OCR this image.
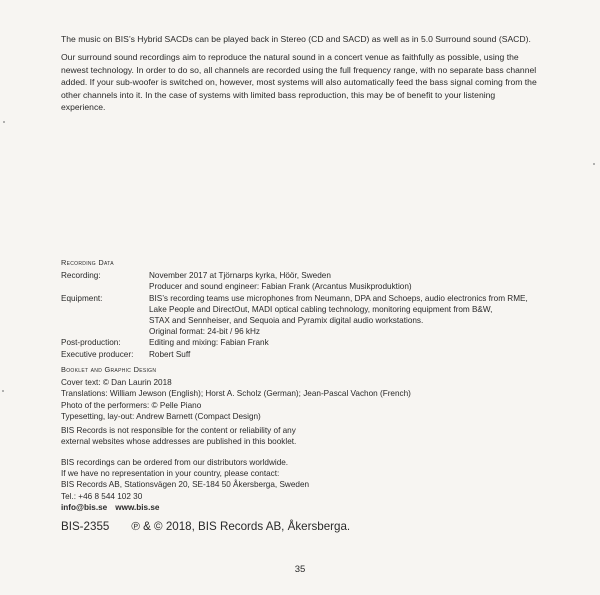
The music on BIS’s Hybrid SACDs can be played back in Stereo (CD and SACD) as well as in 5.0 Surround sound (SACD).

Our surround sound recordings aim to reproduce the natural sound in a concert venue as faithfully as possible, using the newest technology. In order to do so, all channels are recorded using the full frequency range, with no separate bass channel added. If your sub-woofer is switched on, however, most systems will also automatically feed the bass signal coming from the other channels into it. In the case of systems with limited bass reproduction, this may be of benefit to your listening experience.

Recording Data
Recording:	November 2017 at Tjörnarps kyrka, Höör, Sweden
Producer and sound engineer: Fabian Frank (Arcantus Musikproduktion)

Equipment:	BIS’s recording teams use microphones from Neumann, DPA and Schoeps, audio electronics from RME,
Lake People and DirectOut, MADI optical cabling technology, monitoring equipment from B&W,
STAX and Sennheiser, and Sequoia and Pyramix digital audio workstations.
Original format: 24-bit / 96 kHz

Post-production:	Editing and mixing: Fabian Frank

Executive producer:	Robert Suff
Booklet and Graphic Design
Cover text: © Dan Laurin 2018
Translations: William Jewson (English); Horst A. Scholz (German); Jean-Pascal Vachon (French)
Photo of the performers: © Pelle Piano
Typesetting, lay-out: Andrew Barnett (Compact Design)
BIS Records is not responsible for the content or reliability of any
external websites whose addresses are published in this booklet.
BIS recordings can be ordered from our distributors worldwide.
If we have no representation in your country, please contact:
BIS Records AB, Stationsvägen 20, SE-184 50 Åkersberga, Sweden
Tel.: +46 8 544 102 30
info@bis.se www.bis.se
BIS-2355 ℗ & © 2018, BIS Records AB, Åkersberga.
35
